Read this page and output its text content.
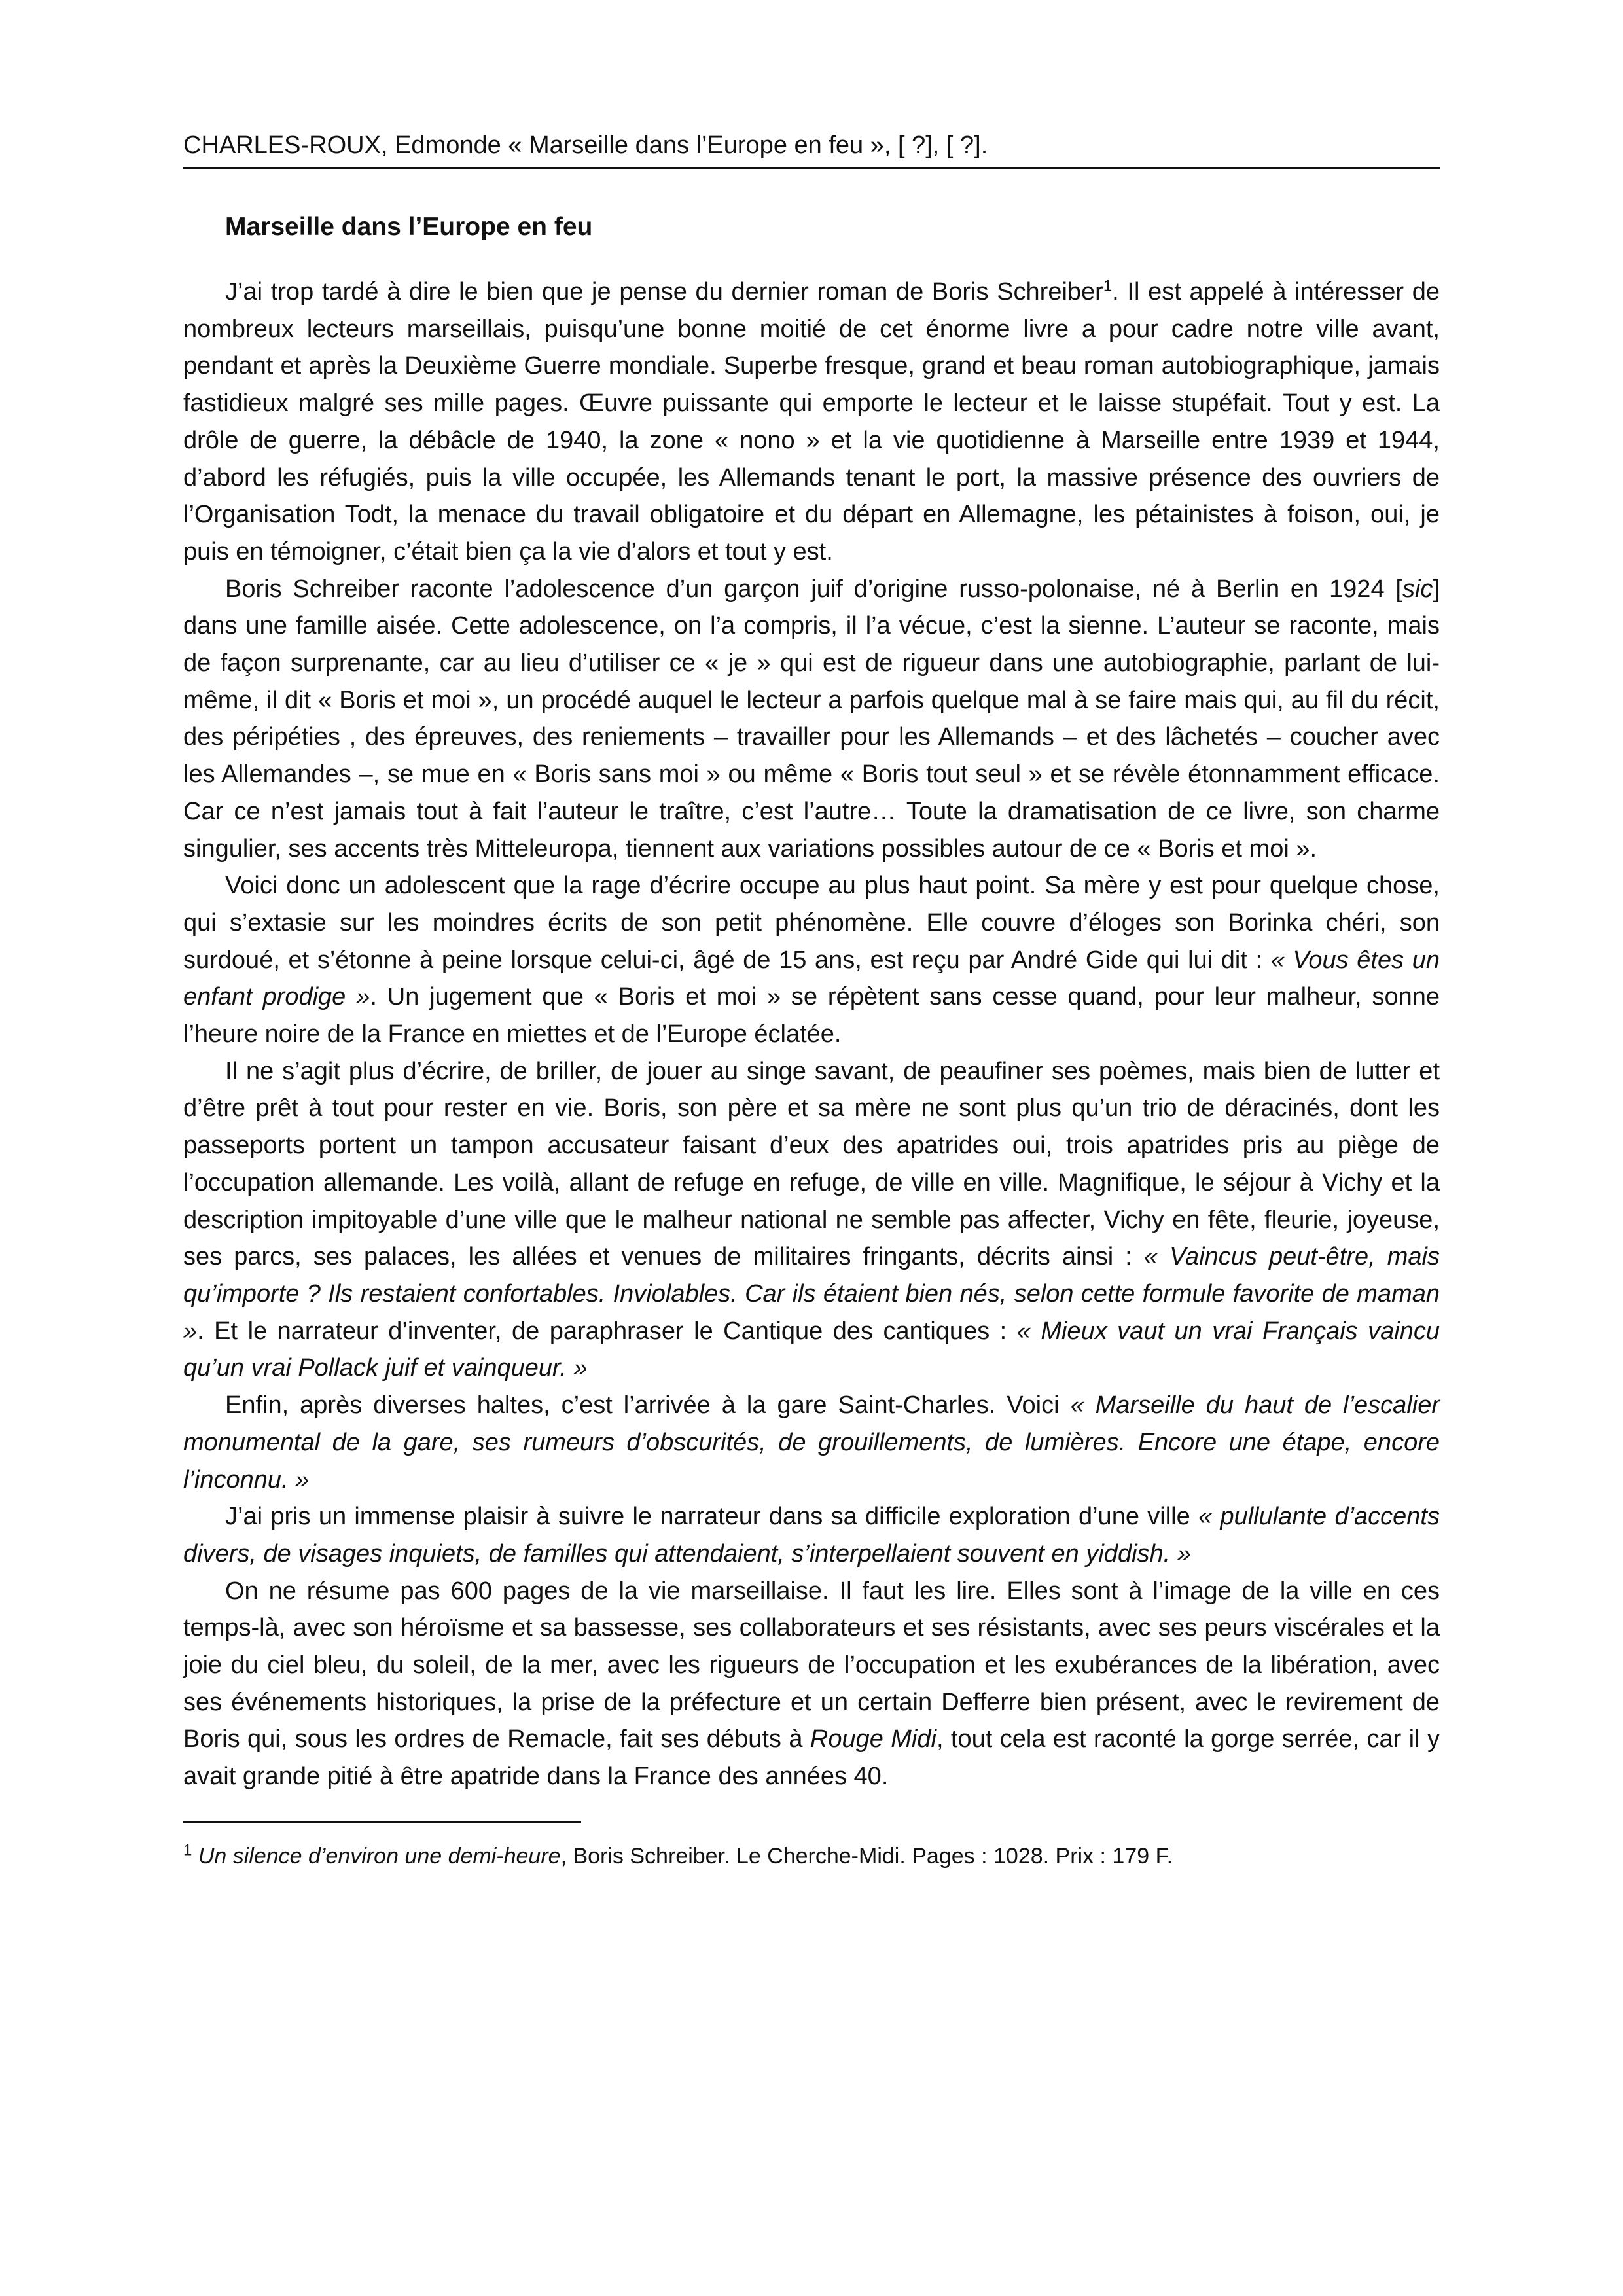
CHARLES-ROUX, Edmonde « Marseille dans l’Europe en feu », [ ?], [ ?].
Marseille dans l’Europe en feu

J’ai trop tardé à dire le bien que je pense du dernier roman de Boris Schreiber$^1$. Il est appelé à intéresser de nombreux lecteurs marseillais, puisqu’une bonne moitié de cet énorme livre a pour cadre notre ville avant, pendant et après la Deuxième Guerre mondiale. Superbe fresque, grand et beau roman autobiographique, jamais fastidieux malgré ses mille pages. Œuvre puissante qui emporte le lecteur et le laisse stupéfait. Tout y est. La drôle de guerre, la débâcle de 1940, la zone « nono » et la vie quotidienne à Marseille entre 1939 et 1944, d’abord les réfugiés, puis la ville occupée, les Allemands tenant le port, la massive présence des ouvriers de l’Organisation Todt, la menace du travail obligatoire et du départ en Allemagne, les pétainistes à foison, oui, je puis en témoigner, c’était bien ça la vie d’alors et tout y est.

Boris Schreiber raconte l’adolescence d’un garçon juif d’origine russo-polonaise, né à Berlin en 1924 [sic] dans une famille aisée. Cette adolescence, on l’a compris, il l’a vécue, c’est la sienne. L’auteur se raconte, mais de façon surprenante, car au lieu d’utiliser ce « je » qui est de rigueur dans une autobiographie, parlant de lui-même, il dit « Boris et moi », un procédé auquel le lecteur a parfois quelque mal à se faire mais qui, au fil du récit, des péripéties , des épreuves, des reniements – travailler pour les Allemands – et des lâchetés – coucher avec les Allemandes –, se mue en « Boris sans moi » ou même « Boris tout seul » et se révèle étonnamment efficace. Car ce n’est jamais tout à fait l’auteur le traître, c’est l’autre… Toute la dramatisation de ce livre, son charme singulier, ses accents très Mitteleuropa, tiennent aux variations possibles autour de ce « Boris et moi ».

Voici donc un adolescent que la rage d’écrire occupe au plus haut point. Sa mère y est pour quelque chose, qui s’extasie sur les moindres écrits de son petit phénomène. Elle couvre d’éloges son Borinka chéri, son surdoué, et s’étonne à peine lorsque celui-ci, âgé de 15 ans, est reçu par André Gide qui lui dit : « Vous êtes un enfant prodige ». Un jugement que « Boris et moi » se répètent sans cesse quand, pour leur malheur, sonne l’heure noire de la France en miettes et de l’Europe éclatée.

Il ne s’agit plus d’écrire, de briller, de jouer au singe savant, de peaufiner ses poèmes, mais bien de lutter et d’être prêt à tout pour rester en vie. Boris, son père et sa mère ne sont plus qu’un trio de déracinés, dont les passeports portent un tampon accusateur faisant d’eux des apatrides oui, trois apatrides pris au piège de l’occupation allemande. Les voilà, allant de refuge en refuge, de ville en ville. Magnifique, le séjour à Vichy et la description impitoyable d’une ville que le malheur national ne semble pas affecter, Vichy en fête, fleurie, joyeuse, ses parcs, ses palaces, les allées et venues de militaires fringants, décrits ainsi : « Vaincus peut-être, mais qu’importe ? Ils restaient confortables. Inviolables. Car ils étaient bien nés, selon cette formule favorite de maman ». Et le narrateur d’inventer, de paraphraser le Cantique des cantiques : « Mieux vaut un vrai Français vaincu qu’un vrai Pollack juif et vainqueur. »

Enfin, après diverses haltes, c’est l’arrivée à la gare Saint-Charles. Voici « Marseille du haut de l’escalier monumental de la gare, ses rumeurs d’obscurités, de grouillements, de lumières. Encore une étape, encore l’inconnu. »

J’ai pris un immense plaisir à suivre le narrateur dans sa difficile exploration d’une ville « pullulante d’accents divers, de visages inquiets, de familles qui attendaient, s’interpellaient souvent en yiddish. »

On ne résume pas 600 pages de la vie marseillaise. Il faut les lire. Elles sont à l’image de la ville en ces temps-là, avec son héroïsme et sa bassesse, ses collaborateurs et ses résistants, avec ses peurs viscérales et la joie du ciel bleu, du soleil, de la mer, avec les rigueurs de l’occupation et les exubérances de la libération, avec ses événements historiques, la prise de la préfecture et un certain Defferre bien présent, avec le revirement de Boris qui, sous les ordres de Remacle, fait ses débuts à Rouge Midi, tout cela est raconté la gorge serrée, car il y avait grande pitié à être apatride dans la France des années 40.

$^1$ Un silence d’environ une demi-heure, Boris Schreiber. Le Cherche-Midi. Pages : 1028. Prix : 179 F.
